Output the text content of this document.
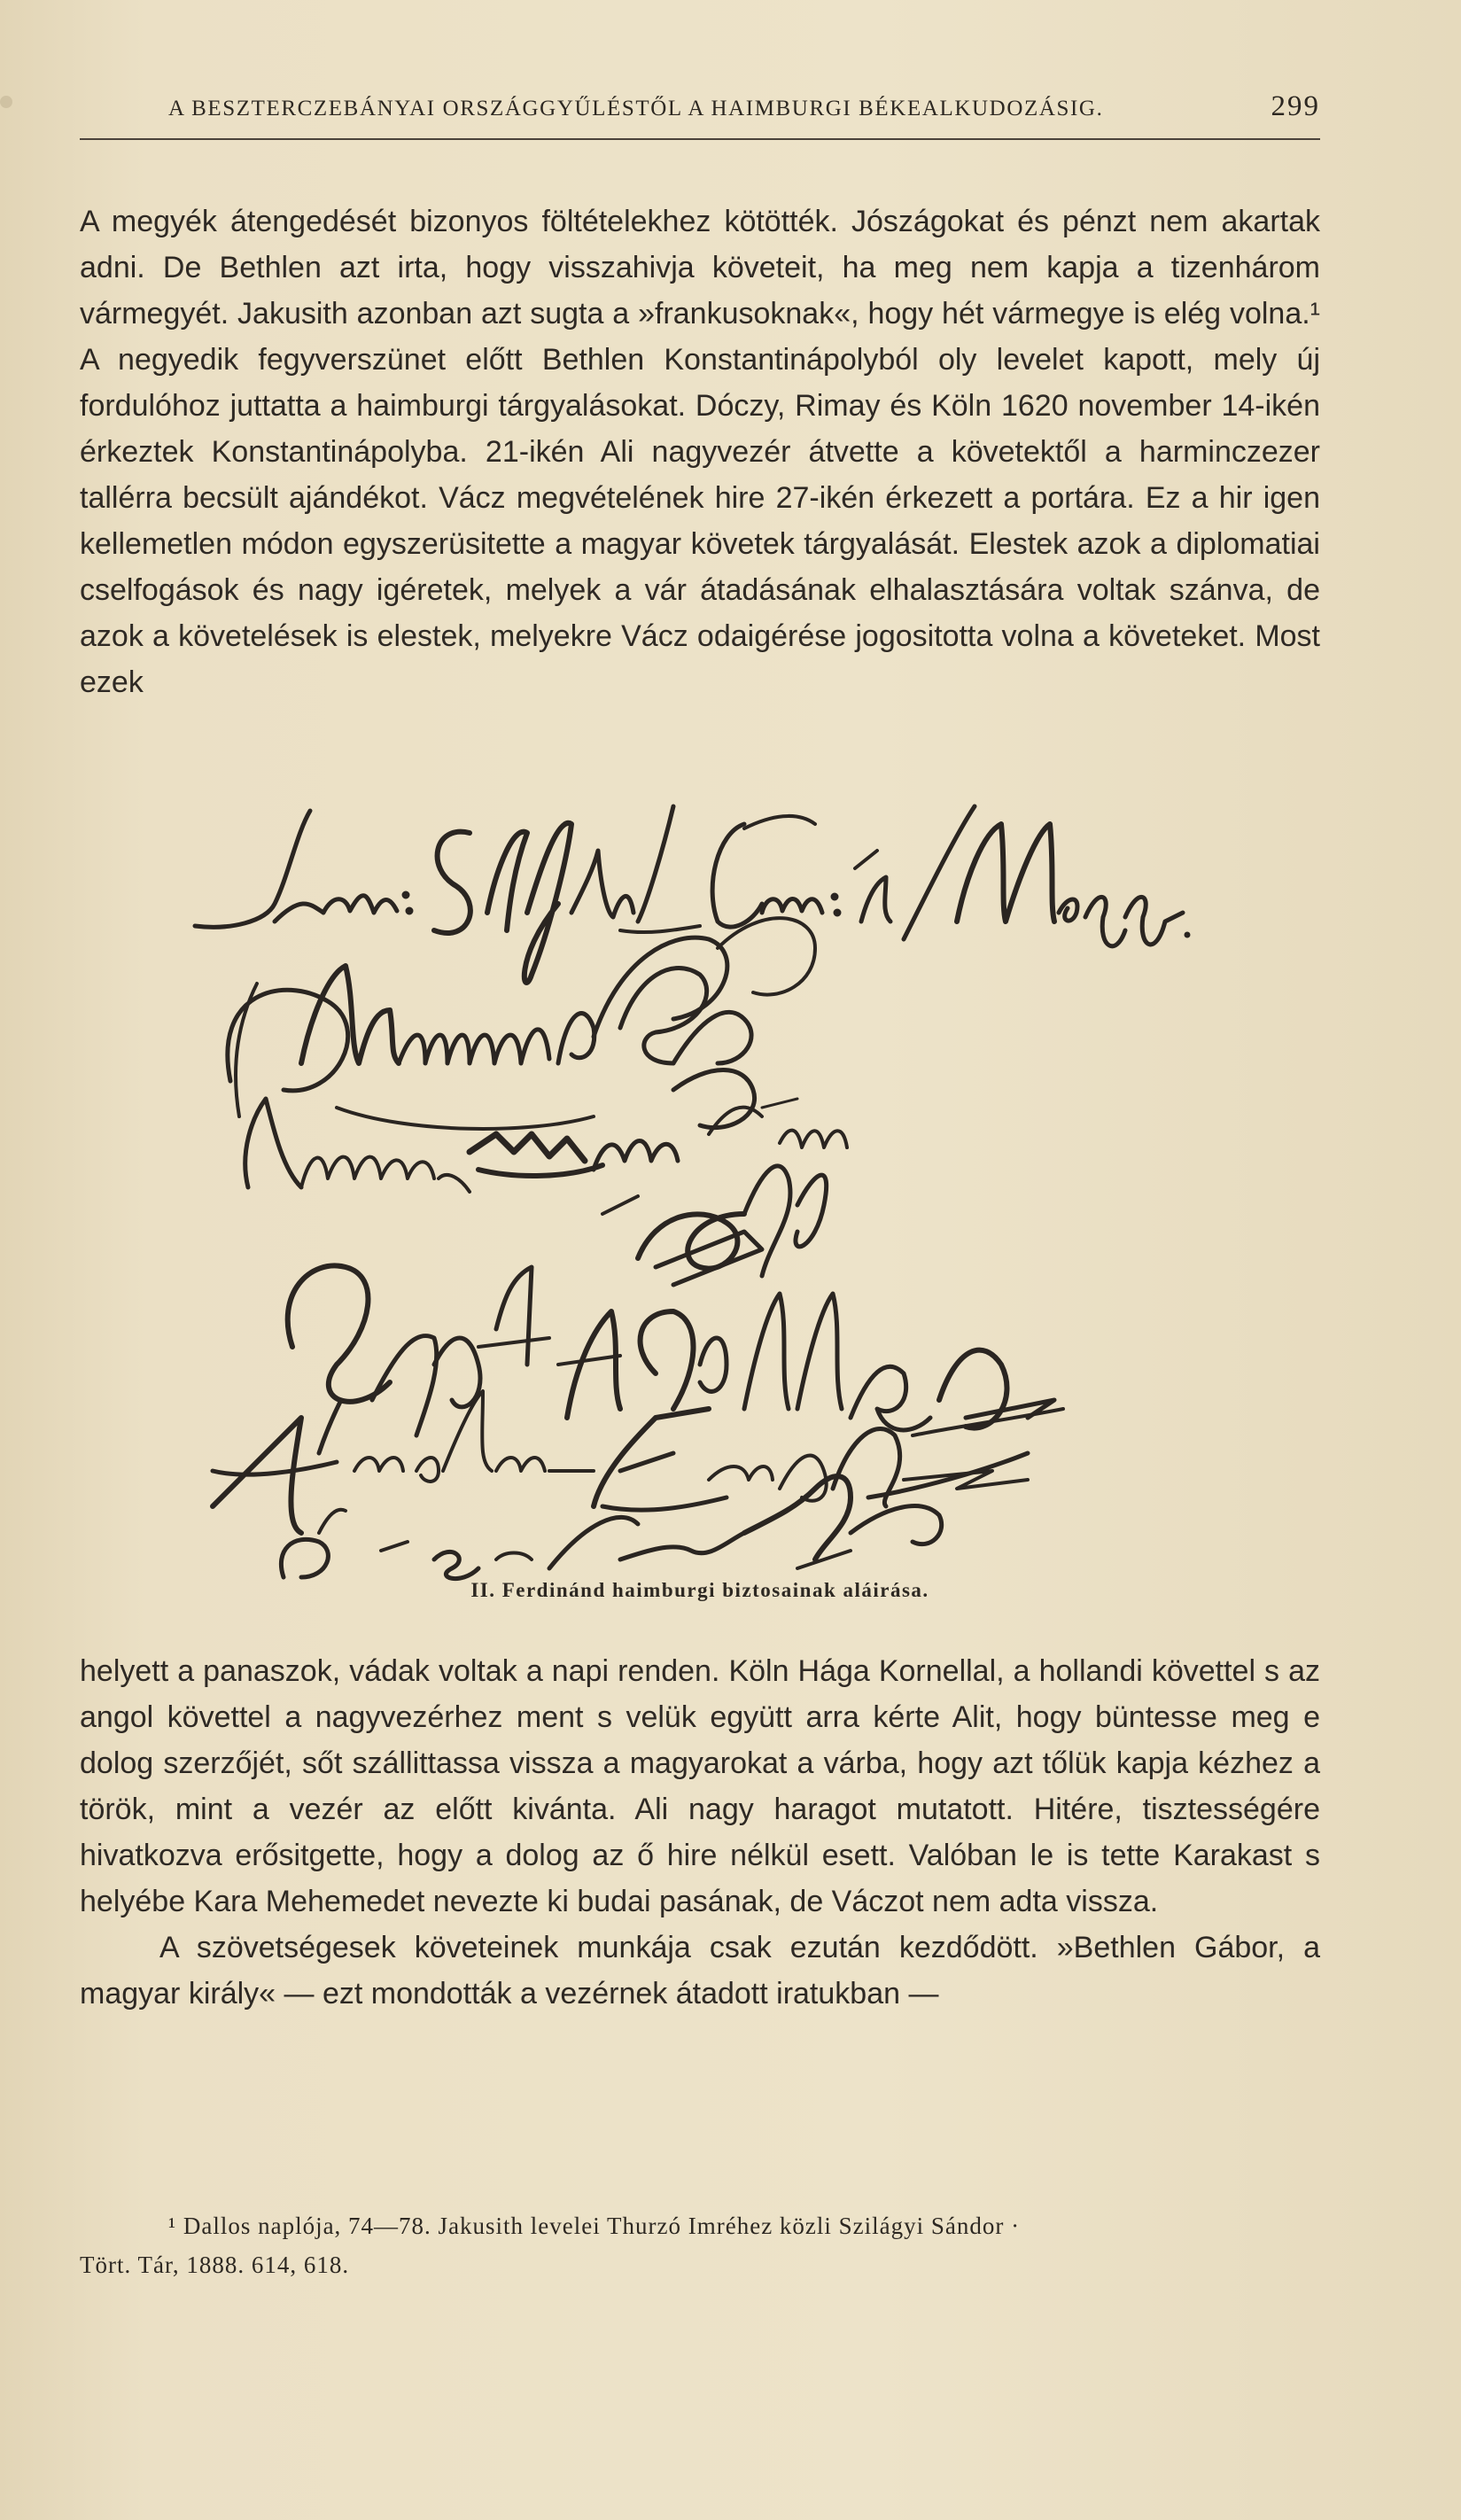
A BESZTERCZEBÁNYAI ORSZÁGGYŰLÉSTŐL A HAIMBURGI BÉKEALKUDOZÁSIG.	299

A megyék átengedését bizonyos föltételekhez kötötték. Jószágokat és pénzt nem akartak adni. De Bethlen azt irta, hogy visszahivja követeit, ha meg nem kapja a tizenhárom vármegyét. Jakusith azonban azt sugta a »frankusoknak«, hogy hét vármegye is elég volna.¹ A negyedik fegyverszünet előtt Bethlen Konstantinápolyból oly levelet kapott, mely új fordulóhoz juttatta a haimburgi tárgyalásokat. Dóczy, Rimay és Köln 1620 november 14-ikén érkeztek Konstantinápolyba. 21-ikén Ali nagyvezér átvette a követektől a harminczezer tallérra becsült ajándékot. Vácz megvételének hire 27-ikén érkezett a portára. Ez a hir igen kellemetlen módon egyszerüsitette a magyar követek tárgyalását. Elestek azok a diplomatiai cselfogások és nagy igéretek, melyek a vár átadásának elhalasztására voltak szánva, de azok a követelések is elestek, melyekre Vácz odaigérése jogositotta volna a követeket. Most ezek

II. Ferdinánd haimburgi biztosainak aláirása.

helyett a panaszok, vádak voltak a napi renden. Köln Hága Kornellal, a hollandi követtel s az angol követtel a nagyvezérhez ment s velük együtt arra kérte Alit, hogy büntesse meg e dolog szerzőjét, sőt szállittassa vissza a magyarokat a várba, hogy azt tőlük kapja kézhez a török, mint a vezér az előtt kivánta. Ali nagy haragot mutatott. Hitére, tisztességére hivatkozva erősitgette, hogy a dolog az ő hire nélkül esett. Valóban le is tette Karakast s helyébe Kara Mehemedet nevezte ki budai pasának, de Váczot nem adta vissza.

A szövetségesek követeinek munkája csak ezután kezdődött. »Bethlen Gábor, a magyar király« — ezt mondották a vezérnek átadott iratukban —

¹ Dallos naplója, 74—78. Jakusith levelei Thurzó Imréhez közli Szilágyi Sándor ·

Tört. Tár, 1888. 614, 618.
